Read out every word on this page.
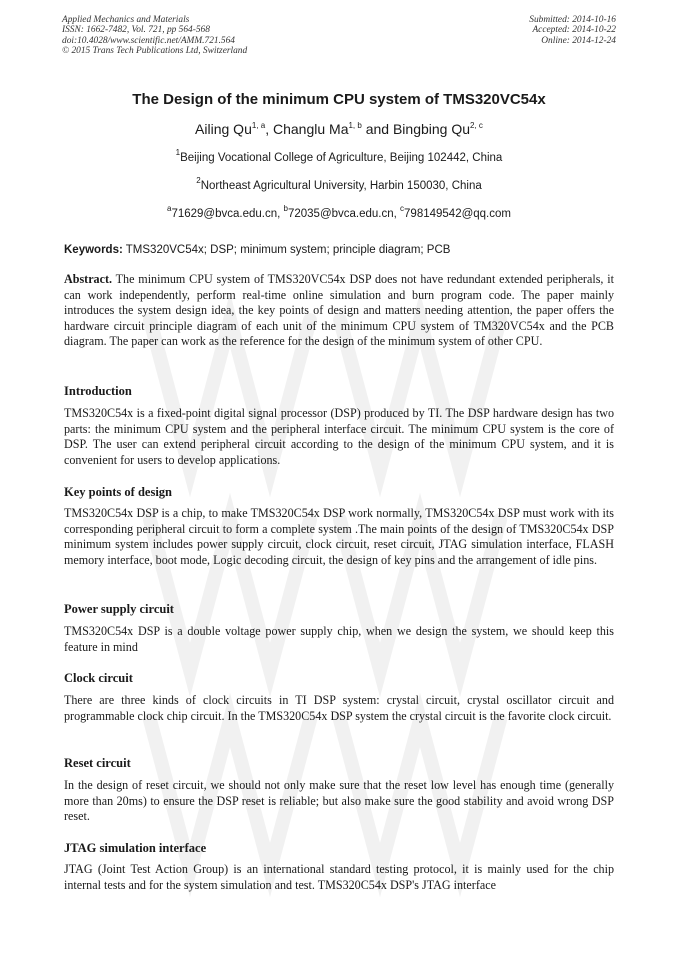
Applied Mechanics and Materials
ISSN: 1662-7482, Vol. 721, pp 564-568
doi:10.4028/www.scientific.net/AMM.721.564
© 2015 Trans Tech Publications Ltd, Switzerland
Submitted: 2014-10-16
Accepted: 2014-10-22
Online: 2014-12-24
The Design of the minimum CPU system of TMS320VC54x
Ailing Qu$^{1, a}$, Changlu Ma$^{1, b}$ and Bingbing Qu$^{2, c}$
$^1$Beijing Vocational College of Agriculture, Beijing 102442, China
$^2$Northeast Agricultural University, Harbin 150030, China
$^a$71629@bvca.edu.cn, $^b$72035@bvca.edu.cn, $^c$798149542@qq.com
Keywords: TMS320VC54x; DSP; minimum system; principle diagram; PCB
Abstract. The minimum CPU system of TMS320VC54x DSP does not have redundant extended peripherals, it can work independently, perform real-time online simulation and burn program code. The paper mainly introduces the system design idea, the key points of design and matters needing attention, the paper offers the hardware circuit principle diagram of each unit of the minimum CPU system of TM320VC54x and the PCB diagram. The paper can work as the reference for the design of the minimum system of other CPU.
Introduction
TMS320C54x is a fixed-point digital signal processor (DSP) produced by TI. The DSP hardware design has two parts: the minimum CPU system and the peripheral interface circuit. The minimum CPU system is the core of DSP. The user can extend peripheral circuit according to the design of the minimum CPU system, and it is convenient for users to develop applications.
Key points of design
TMS320C54x DSP is a chip, to make TMS320C54x DSP work normally, TMS320C54x DSP must work with its corresponding peripheral circuit to form a complete system .The main points of the design of TMS320C54x DSP minimum system includes power supply circuit, clock circuit, reset circuit, JTAG simulation interface, FLASH memory interface, boot mode, Logic decoding circuit, the design of key pins and the arrangement of idle pins.
Power supply circuit
TMS320C54x DSP is a double voltage power supply chip, when we design the system, we should keep this feature in mind
Clock circuit
There are three kinds of clock circuits in TI DSP system: crystal circuit, crystal oscillator circuit and programmable clock chip circuit. In the TMS320C54x DSP system the crystal circuit is the favorite clock circuit.
Reset circuit
In the design of reset circuit, we should not only make sure that the reset low level has enough time (generally more than 20ms) to ensure the DSP reset is reliable; but also make sure the good stability and avoid wrong DSP reset.
JTAG simulation interface
JTAG (Joint Test Action Group) is an international standard testing protocol, it is mainly used for the chip internal tests and for the system simulation and test. TMS320C54x DSP's JTAG interface
